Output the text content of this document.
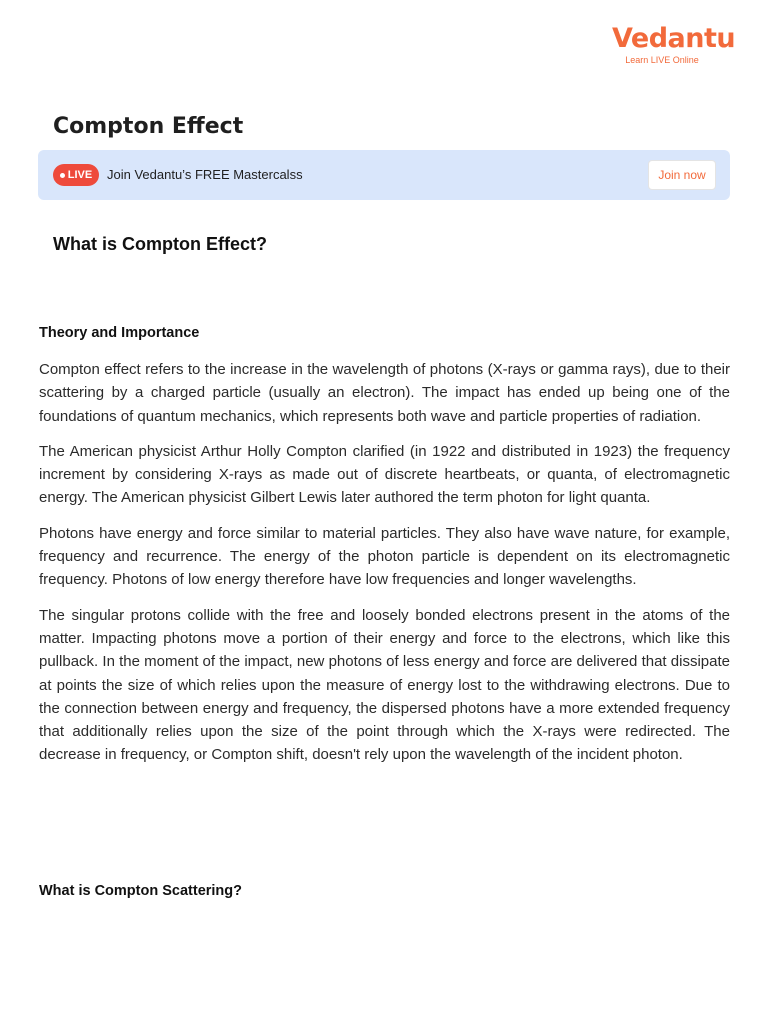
Vedantu
Learn LIVE Online
Compton Effect
LIVE Join Vedantu’s FREE Mastercalss	Join now
What is Compton Effect?
Theory and Importance

Compton effect refers to the increase in the wavelength of photons (X-rays or gamma rays), due to their scattering by a charged particle (usually an electron). The impact has ended up being one of the foundations of quantum mechanics, which represents both wave and particle properties of radiation.

The American physicist Arthur Holly Compton clarified (in 1922 and distributed in 1923) the frequency increment by considering X-rays as made out of discrete heartbeats, or quanta, of electromagnetic energy. The American physicist Gilbert Lewis later authored the term photon for light quanta.

Photons have energy and force similar to material particles. They also have wave nature, for example, frequency and recurrence. The energy of the photon particle is dependent on its electromagnetic frequency. Photons of low energy therefore have low frequencies and longer wavelengths.

The singular protons collide with the free and loosely bonded electrons present in the atoms of the matter. Impacting photons move a portion of their energy and force to the electrons, which like this pullback. In the moment of the impact, new photons of less energy and force are delivered that dissipate at points the size of which relies upon the measure of energy lost to the withdrawing electrons. Due to the connection between energy and frequency, the dispersed photons have a more extended frequency that additionally relies upon the size of the point through which the X-rays were redirected. The decrease in frequency, or Compton shift, doesn't rely upon the wavelength of the incident photon.

What is Compton Scattering?
